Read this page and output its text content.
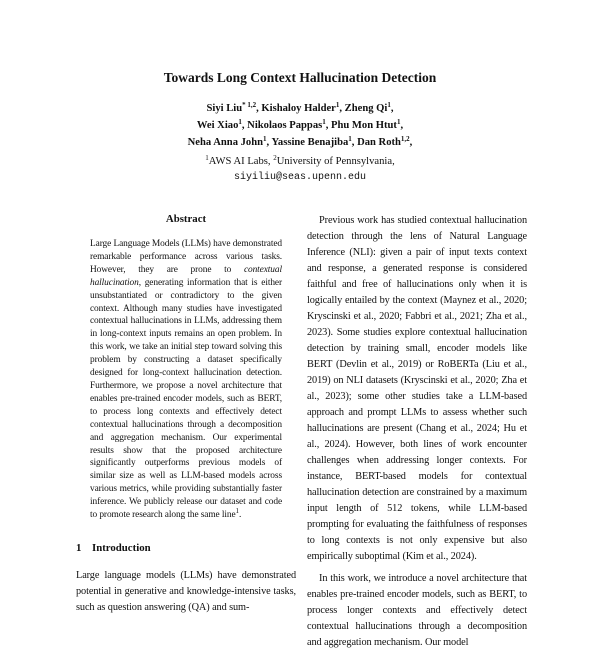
Towards Long Context Hallucination Detection
Siyi Liu$^{* 1,2}$, Kishaloy Halder$^1$, Zheng Qi$^1$,
Wei Xiao$^1$, Nikolaos Pappas$^1$, Phu Mon Htut$^1$,
Neha Anna John$^1$, Yassine Benajiba$^1$, Dan Roth$^{1,2}$,
$^1$AWS AI Labs, $^2$University of Pennsylvania,
siyiliu@seas.upenn.edu
Abstract
Large Language Models (LLMs) have demonstrated remarkable performance across various tasks. However, they are prone to contextual hallucination, generating information that is either unsubstantiated or contradictory to the given context. Although many studies have investigated contextual hallucinations in LLMs, addressing them in long-context inputs remains an open problem. In this work, we take an initial step toward solving this problem by constructing a dataset specifically designed for long-context hallucination detection. Furthermore, we propose a novel architecture that enables pre-trained encoder models, such as BERT, to process long contexts and effectively detect contextual hallucinations through a decomposition and aggregation mechanism. Our experimental results show that the proposed architecture significantly outperforms previous models of similar size as well as LLM-based models across various metrics, while providing substantially faster inference. We publicly release our dataset and code to promote research along the same line$^1$.
1 Introduction
Large language models (LLMs) have demonstrated potential in generative and knowledge-intensive tasks, such as question answering (QA) and sum-

Previous work has studied contextual hallucination detection through the lens of Natural Language Inference (NLI): given a pair of input texts context and response, a generated response is considered faithful and free of hallucinations only when it is logically entailed by the context (Maynez et al., 2020; Kryscinski et al., 2020; Fabbri et al., 2021; Zha et al., 2023). Some studies explore contextual hallucination detection by training small, encoder models like BERT (Devlin et al., 2019) or RoBERTa (Liu et al., 2019) on NLI datasets (Kryscinski et al., 2020; Zha et al., 2023); some other studies take a LLM-based approach and prompt LLMs to assess whether such hallucinations are present (Chang et al., 2024; Hu et al., 2024). However, both lines of work encounter challenges when addressing longer contexts. For instance, BERT-based models for contextual hallucination detection are constrained by a maximum input length of 512 tokens, while LLM-based prompting for evaluating the faithfulness of responses to long contexts is not only expensive but also empirically suboptimal (Kim et al., 2024).

In this work, we introduce a novel architecture that enables pre-trained encoder models, such as BERT, to process longer contexts and effectively detect contextual hallucinations through a decomposition and aggregation mechanism. Our model
